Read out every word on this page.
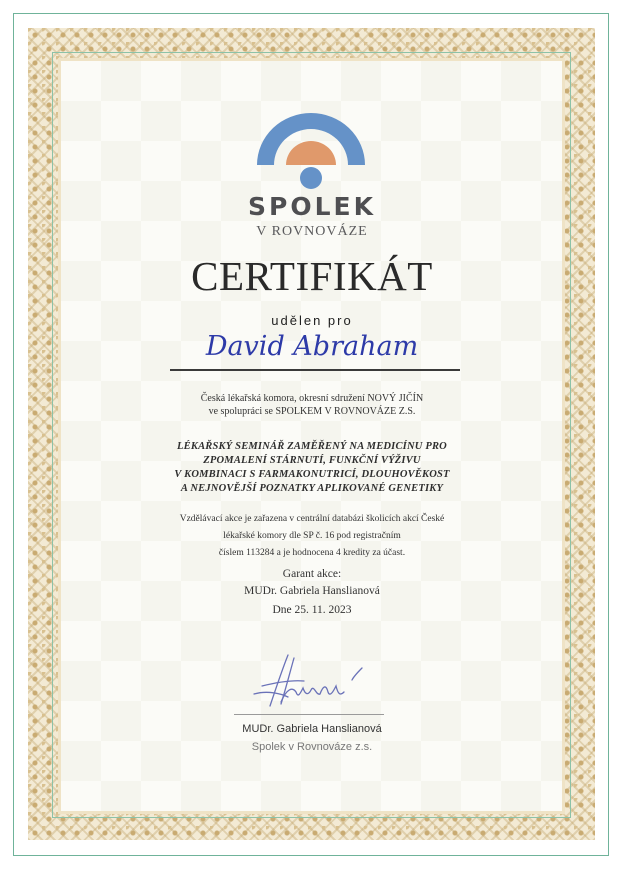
SPOLEK
V ROVNOVÁZE
CERTIFIKÁT
udělen pro
David Abraham
Česká lékařská komora, okresní sdružení NOVÝ JIČÍN
ve spolupráci se SPOLKEM V ROVNOVÁZE Z.S.
LÉKAŘSKÝ SEMINÁŘ ZAMĚŘENÝ NA MEDICÍNU PRO
ZPOMALENÍ STÁRNUTÍ, FUNKČNÍ VÝŽIVU
V KOMBINACI S FARMAKONUTRICÍ, DLOUHOVĚKOST
A NEJNOVĚJŠÍ POZNATKY APLIKOVANÉ GENETIKY
Vzdělávací akce je zařazena v centrální databázi školicích akcí České
lékařské komory dle SP č. 16 pod registračním
číslem 113284 a je hodnocena 4 kredity za účast.
Garant akce:
MUDr. Gabriela Hanslianová
Dne 25. 11. 2023
MUDr. Gabriela Hanslianová
Spolek v Rovnováze z.s.
